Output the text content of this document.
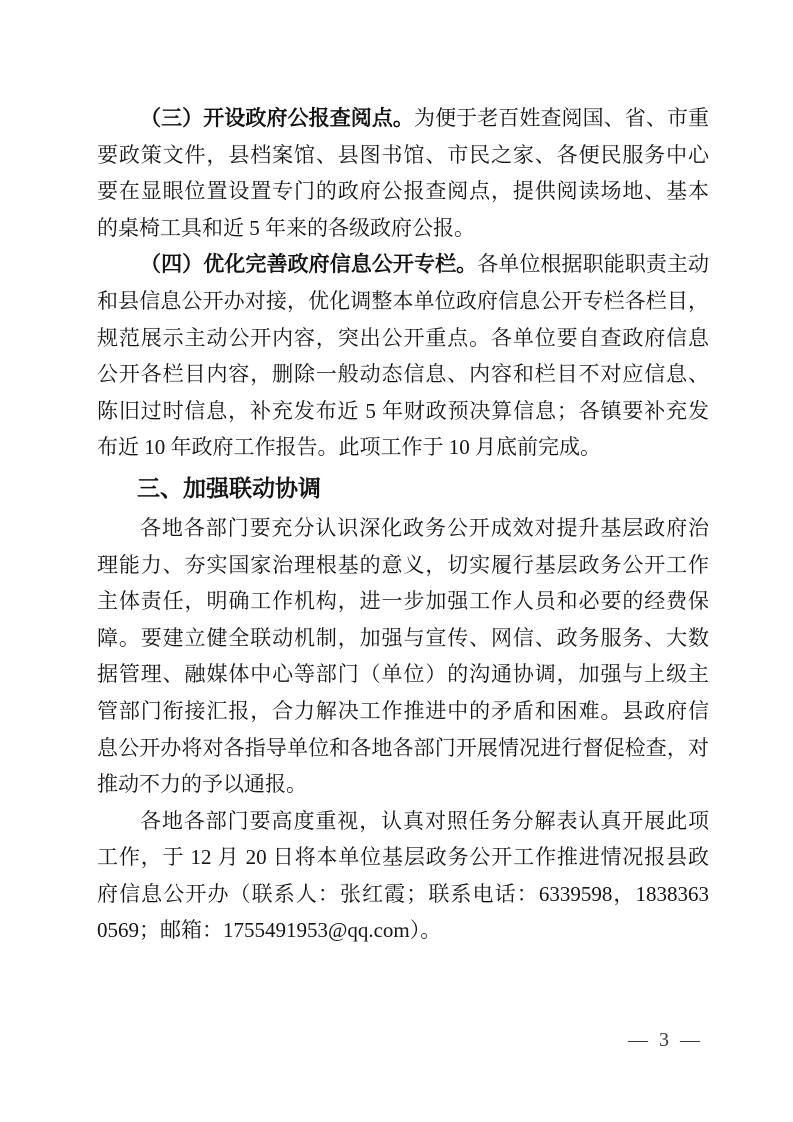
（三）开设政府公报查阅点。为便于老百姓查阅国、省、市重
要政策文件，县档案馆、县图书馆、市民之家、各便民服务中心
要在显眼位置设置专门的政府公报查阅点，提供阅读场地、基本
的桌椅工具和近 5 年来的各级政府公报。
（四）优化完善政府信息公开专栏。各单位根据职能职责主动
和县信息公开办对接，优化调整本单位政府信息公开专栏各栏目，
规范展示主动公开内容，突出公开重点。各单位要自查政府信息
公开各栏目内容，删除一般动态信息、内容和栏目不对应信息、
陈旧过时信息，补充发布近 5 年财政预决算信息；各镇要补充发
布近 10 年政府工作报告。此项工作于 10 月底前完成。
三、加强联动协调
各地各部门要充分认识深化政务公开成效对提升基层政府治
理能力、夯实国家治理根基的意义，切实履行基层政务公开工作
主体责任，明确工作机构，进一步加强工作人员和必要的经费保
障。要建立健全联动机制，加强与宣传、网信、政务服务、大数
据管理、融媒体中心等部门（单位）的沟通协调，加强与上级主
管部门衔接汇报，合力解决工作推进中的矛盾和困难。县政府信
息公开办将对各指导单位和各地各部门开展情况进行督促检查，对
推动不力的予以通报。
各地各部门要高度重视，认真对照任务分解表认真开展此项
工作，于 12 月 20 日将本单位基层政务公开工作推进情况报县政
府信息公开办（联系人：张红霞；联系电话：6339598，1838363
0569；邮箱：1755491953@qq.com）。
— 3 —
